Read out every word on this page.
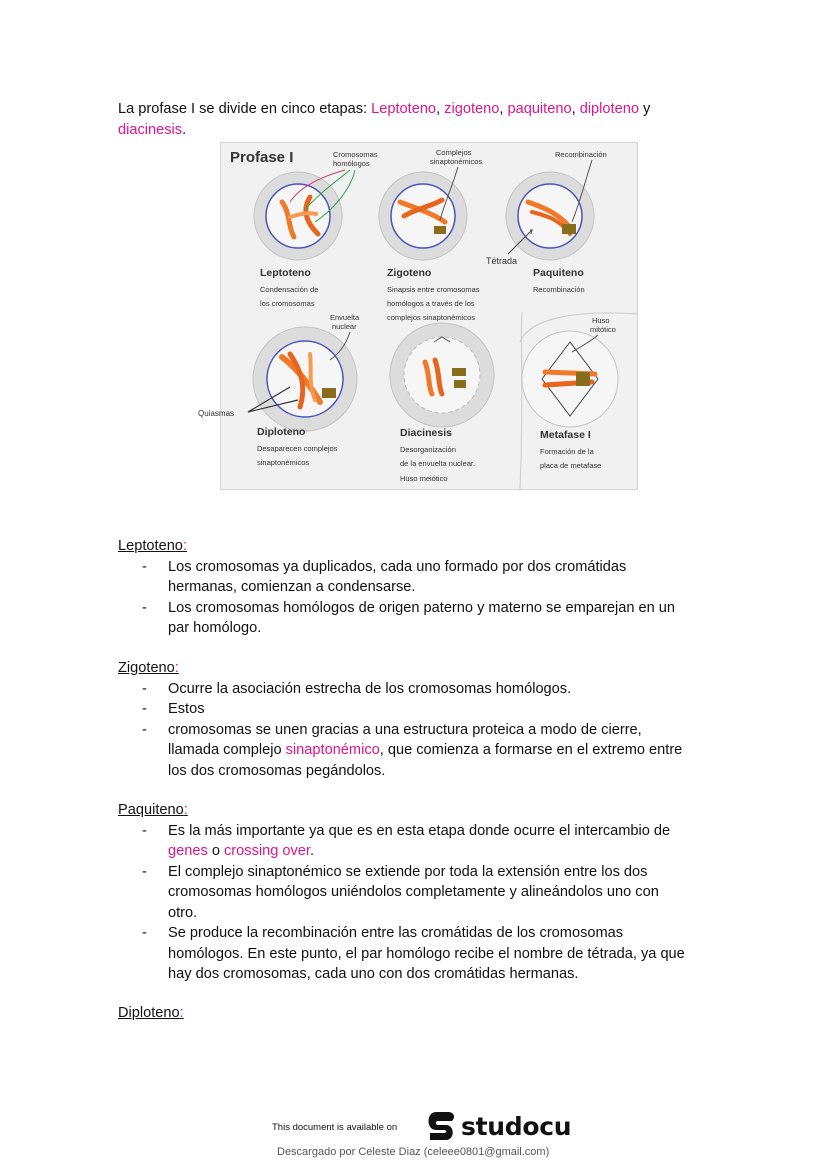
La profase I se divide en cinco etapas: Leptoteno, zigoteno, paquiteno, diploteno y
diacinesis.
Profase I	Cromosomas
homólogos
Complejos
sinaptonémicos
Recombinación
Tétrada
Leptoteno
Condensación de
los cromosomas
Zigoteno
Sinapsis entre cromosomas
homólogos a través de los
complejos sinaptonémicos
Paquiteno
Recombinación
Envuelta
nuclear
Huso
mitótico
Quiasmas
Diploteno
Desaparecen complejos
sinaptonémicos
Diacinesis
Desorganización
de la envuelta nuclear.
Huso meiótico
Metafase I
Formación de la
placa de metafase
Leptoteno:
- Los cromosomas ya duplicados, cada uno formado por dos cromátidas
hermanas, comienzan a condensarse.
- Los cromosomas homólogos de origen paterno y materno se emparejan en un
par homólogo.
Zigoteno:
- Ocurre la asociación estrecha de los cromosomas homólogos.
- Estos
- cromosomas se unen gracias a una estructura proteica a modo de cierre,
llamada complejo sinaptonémico, que comienza a formarse en el extremo entre
los dos cromosomas pegándolos.
Paquiteno:
- Es la más importante ya que es en esta etapa donde ocurre el intercambio de
genes o crossing over.
- El complejo sinaptonémico se extiende por toda la extensión entre los dos
cromosomas homólogos uniéndolos completamente y alineándolos uno con
otro.
- Se produce la recombinación entre las cromátidas de los cromosomas
homólogos. En este punto, el par homólogo recibe el nombre de tétrada, ya que
hay dos cromosomas, cada uno con dos cromátidas hermanas.
Diploteno:
This document is available on	studocu
Descargado por Celeste Diaz (celeee0801@gmail.com)
